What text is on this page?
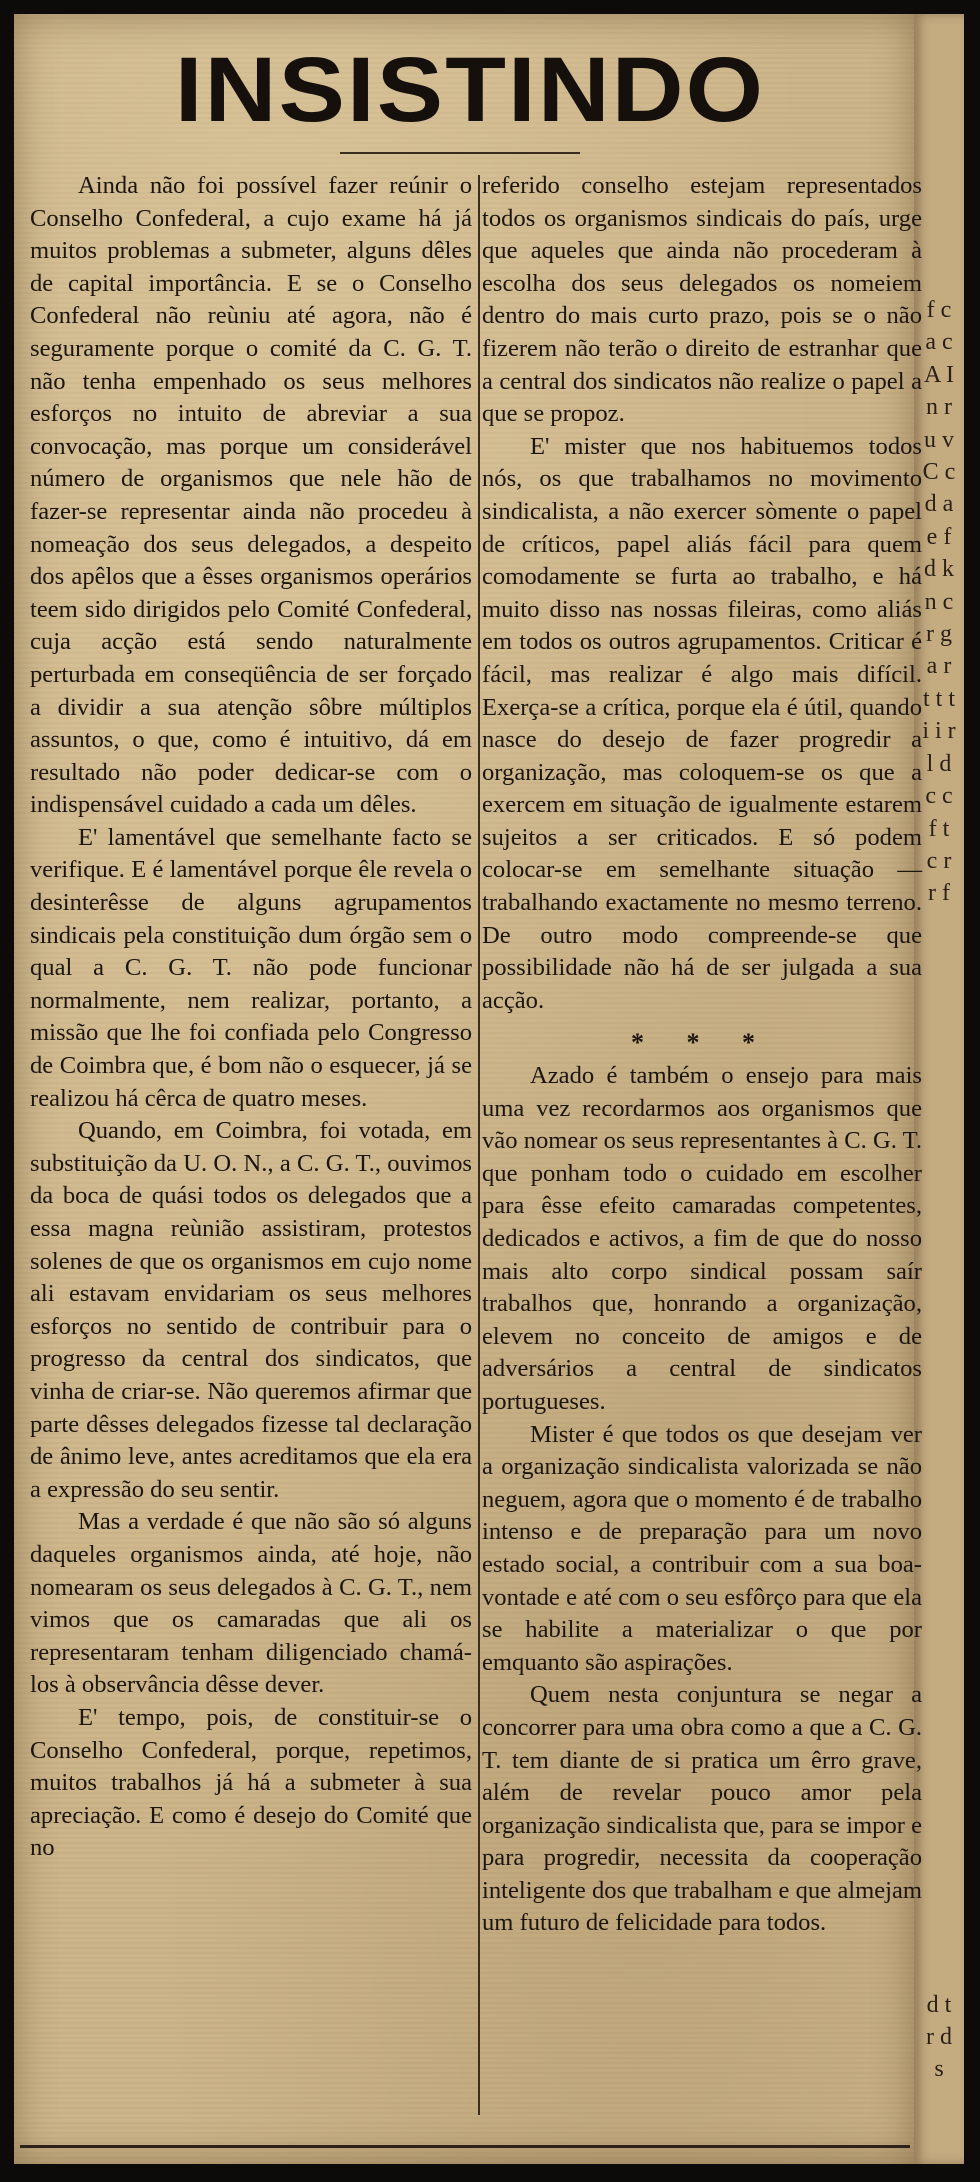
f c a c A I n r u v C c d a e f d k n c r g a r t t t i i r l d c c f t c r r f
d t r d s
INSISTINDO

Ainda não foi possível fazer reúnir o Conselho Confederal, a cujo exame há já muitos problemas a submeter, alguns dêles de capital importância. E se o Conselho Confederal não reùniu até agora, não é seguramente porque o comité da C. G. T. não tenha empenhado os seus melhores esforços no intuito de abreviar a sua convocação, mas porque um considerável número de organismos que nele hão de fazer-se representar ainda não procedeu à nomeação dos seus delegados, a despeito dos apêlos que a êsses organismos operários teem sido dirigidos pelo Comité Confederal, cuja acção está sendo naturalmente perturbada em conseqüência de ser forçado a dividir a sua atenção sôbre múltiplos assuntos, o que, como é intuitivo, dá em resultado não poder dedicar-se com o indispensável cuidado a cada um dêles.

E' lamentável que semelhante facto se verifique. E é lamentável porque êle revela o desinterêsse de alguns agrupamentos sindicais pela constituição dum órgão sem o qual a C. G. T. não pode funcionar normalmente, nem realizar, portanto, a missão que lhe foi confiada pelo Congresso de Coimbra que, é bom não o esquecer, já se realizou há cêrca de quatro meses.

Quando, em Coimbra, foi votada, em substituição da U. O. N., a C. G. T., ouvimos da boca de quási todos os delegados que a essa magna reùnião assistiram, protestos solenes de que os organismos em cujo nome ali estavam envidariam os seus melhores esforços no sentido de contribuir para o progresso da central dos sindicatos, que vinha de criar-se. Não queremos afirmar que parte dêsses delegados fizesse tal declaração de ânimo leve, antes acreditamos que ela era a expressão do seu sentir.

Mas a verdade é que não são só alguns daqueles organismos ainda, até hoje, não nomearam os seus delegados à C. G. T., nem vimos que os camaradas que ali os representaram tenham diligenciado chamá-los à observância dêsse dever.

E' tempo, pois, de constituir-se o Conselho Confederal, porque, repetimos, muitos trabalhos já há a submeter à sua apreciação. E como é desejo do Comité que no

referido conselho estejam representados todos os organismos sindicais do país, urge que aqueles que ainda não procederam à escolha dos seus delegados os nomeiem dentro do mais curto prazo, pois se o não fizerem não terão o direito de estranhar que a central dos sindicatos não realize o papel a que se propoz.

E' mister que nos habituemos todos nós, os que trabalhamos no movimento sindicalista, a não exercer sòmente o papel de críticos, papel aliás fácil para quem comodamente se furta ao trabalho, e há muito disso nas nossas fileiras, como aliás em todos os outros agrupamentos. Criticar é fácil, mas realizar é algo mais difícil. Exerça-se a crítica, porque ela é útil, quando nasce do desejo de fazer progredir a organização, mas coloquem-se os que a exercem em situação de igualmente estarem sujeitos a ser criticados. E só podem colocar-se em semelhante situação — trabalhando exactamente no mesmo terreno. De outro modo compreende-se que possibilidade não há de ser julgada a sua acção.

* * *

Azado é também o ensejo para mais uma vez recordarmos aos organismos que vão nomear os seus representantes à C. G. T. que ponham todo o cuidado em escolher para êsse efeito camaradas competentes, dedicados e activos, a fim de que do nosso mais alto corpo sindical possam saír trabalhos que, honrando a organização, elevem no conceito de amigos e de adversários a central de sindicatos portugueses.

Mister é que todos os que desejam ver a organização sindicalista valorizada se não neguem, agora que o momento é de trabalho intenso e de preparação para um novo estado social, a contribuir com a sua boa-vontade e até com o seu esfôrço para que ela se habilite a materializar o que por emquanto são aspirações.

Quem nesta conjuntura se negar a concorrer para uma obra como a que a C. G. T. tem diante de si pratica um êrro grave, além de revelar pouco amor pela organização sindicalista que, para se impor e para progredir, necessita da cooperação inteligente dos que trabalham e que almejam um futuro de felicidade para todos.
